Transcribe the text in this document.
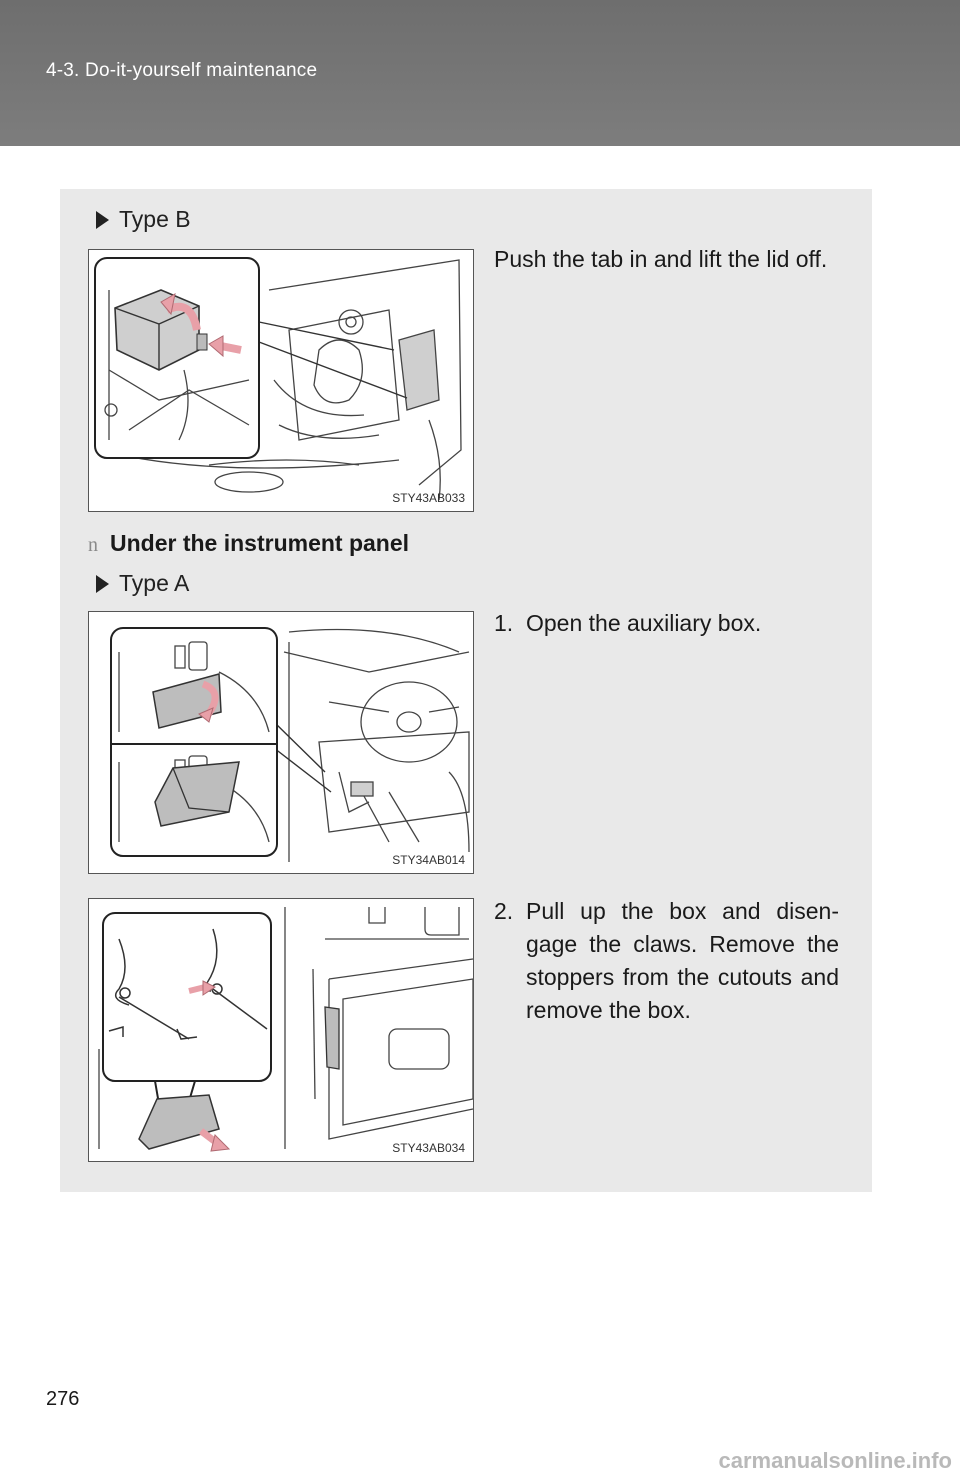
4-3. Do-it-yourself maintenance
Type B
STY43AB033
Push the tab in and lift the lid off.
n Under the instrument panel
Type A
STY34AB014
1. Open the auxiliary box.
STY43AB034
2. Pull up the box and disen-gage the claws. Remove the stoppers from the cutouts and remove the box.
276
carmanualsonline.info
